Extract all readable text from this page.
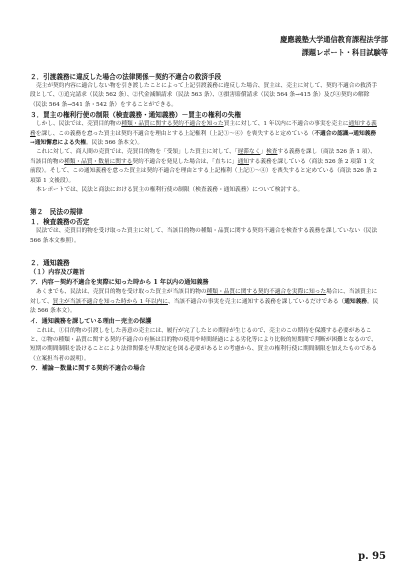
慶應義塾大学通信教育課程法学部
課題レポート・科目試験等

２．引渡義務に違反した場合の法律関係－契約不適合の救済手段

売主が契約内容に適合しない物を引き渡したことによって上記引渡義務に違反した場合、買主は、売主に対して、契約不適合の救済手段として、①追完請求（民法 562 条）、②代金減額請求（民法 563 条）、③損害賠償請求（民法 564 条→415 条）及び④契約の解除（民法 564 条→541 条・542 条）をすることができる。

３．買主の権利行使の制限（検査義務・通知義務）－買主の権利の失権

しかし、民法では、売買目的物の種類・品質に関する契約不適合を知った買主に対して、1 年以内に不適合の事実を売主に通知する義務を課し、この義務を怠った買主は契約不適合を理由とする上記権利（上記①～④）を喪失すると定めている（不適合の認識→通知義務→通知懈怠による失権。民法 566 条本文）。

これに対して、商人間の売買では、売買目的物を「受領」した買主に対して、「遅滞なく」検査する義務を課し（商法 526 条 1 項）、当該目的物の種類・品質・数量に関する契約不適合を発見した場合は、「直ちに」通知する義務を課している（商法 526 条 2 項第 1 文前段）。そして、この通知義務を怠った買主は契約不適合を理由とする上記権利（上記①～④）を喪失すると定めている（商法 526 条 2 項第 1 文後段）。

本レポートでは、民法と商法における買主の権利行使の制限（検査義務・通知義務）について検討する。

第２　民法の規律

１．検査義務の否定

民法では、売買目的物を受け取った買主に対して、当該目的物の種類・品質に関する契約不適合を検査する義務を課していない（民法 566 条本文参照）。

２．通知義務

（１）内容及び趣旨

ア．内容－契約不適合を実際に知った時から 1 年以内の通知義務

あくまでも、民法は、売買目的物を受け取った買主が当該目的物の種類・品質に関する契約不適合を実際に知った場合に、当該買主に対して、買主が当該不適合を知った時から 1 年以内に、当該不適合の事実を売主に通知する義務を課しているだけである（通知義務。民法 566 条本文）。

イ．通知義務を課している理由－売主の保護

これは、①目的物の引渡しをした善意の売主には、履行が完了したとの期待が生じるので、売主のこの期待を保護する必要があること、②物の種類・品質に関する契約不適合の有無は目的物の使用や時間経過による劣化等により比較的短期間で判断が困難となるので、短期の期間制限を設けることにより法律関係を早期安定を図る必要があるとの考慮から、買主の権利行使に期間制限を加えたものである（立案担当者の説明）。

ウ．補論－数量に関する契約不適合の場合

p. 95
